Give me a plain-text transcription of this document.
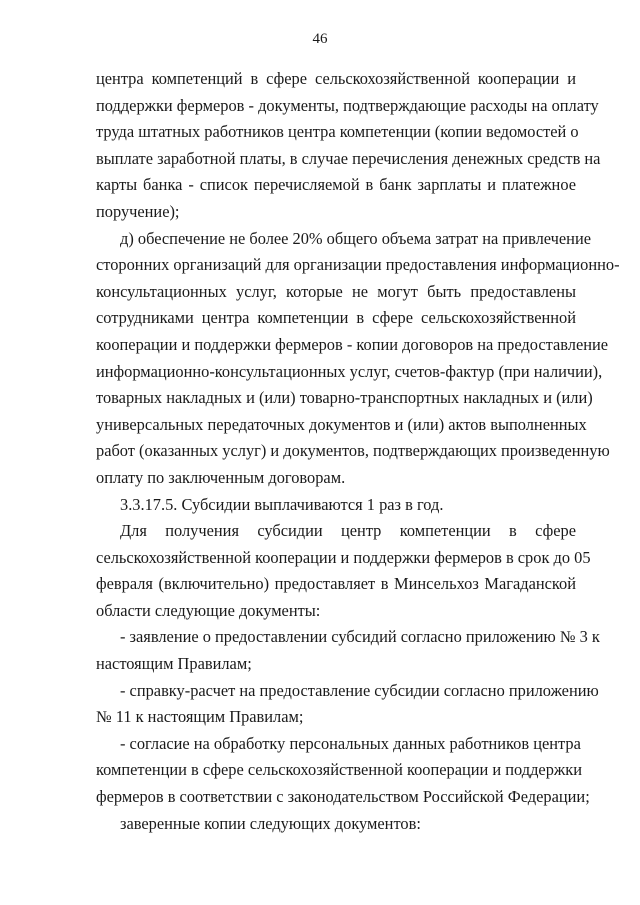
46
центра компетенций в сфере сельскохозяйственной кооперации и
поддержки фермеров - документы, подтверждающие расходы на оплату
труда штатных работников центра компетенции (копии ведомостей о
выплате заработной платы, в случае перечисления денежных средств на
карты банка - список перечисляемой в банк зарплаты и платежное
поручение);
д) обеспечение не более 20% общего объема затрат на привлечение
сторонних организаций для организации предоставления информационно-
консультационных услуг, которые не могут быть предоставлены
сотрудниками центра компетенции в сфере сельскохозяйственной
кооперации и поддержки фермеров - копии договоров на предоставление
информационно-консультационных услуг, счетов-фактур (при наличии),
товарных накладных и (или) товарно-транспортных накладных и (или)
универсальных передаточных документов и (или) актов выполненных
работ (оказанных услуг) и документов, подтверждающих произведенную
оплату по заключенным договорам.
3.3.17.5. Субсидии выплачиваются 1 раз в год.
Для получения субсидии центр компетенции в сфере
сельскохозяйственной кооперации и поддержки фермеров в срок до 05
февраля (включительно) предоставляет в Минсельхоз Магаданской
области следующие документы:
- заявление о предоставлении субсидий согласно приложению № 3 к
настоящим Правилам;
- справку-расчет на предоставление субсидии согласно приложению
№ 11 к настоящим Правилам;
- согласие на обработку персональных данных работников центра
компетенции в сфере сельскохозяйственной кооперации и поддержки
фермеров в соответствии с законодательством Российской Федерации;
заверенные копии следующих документов:
